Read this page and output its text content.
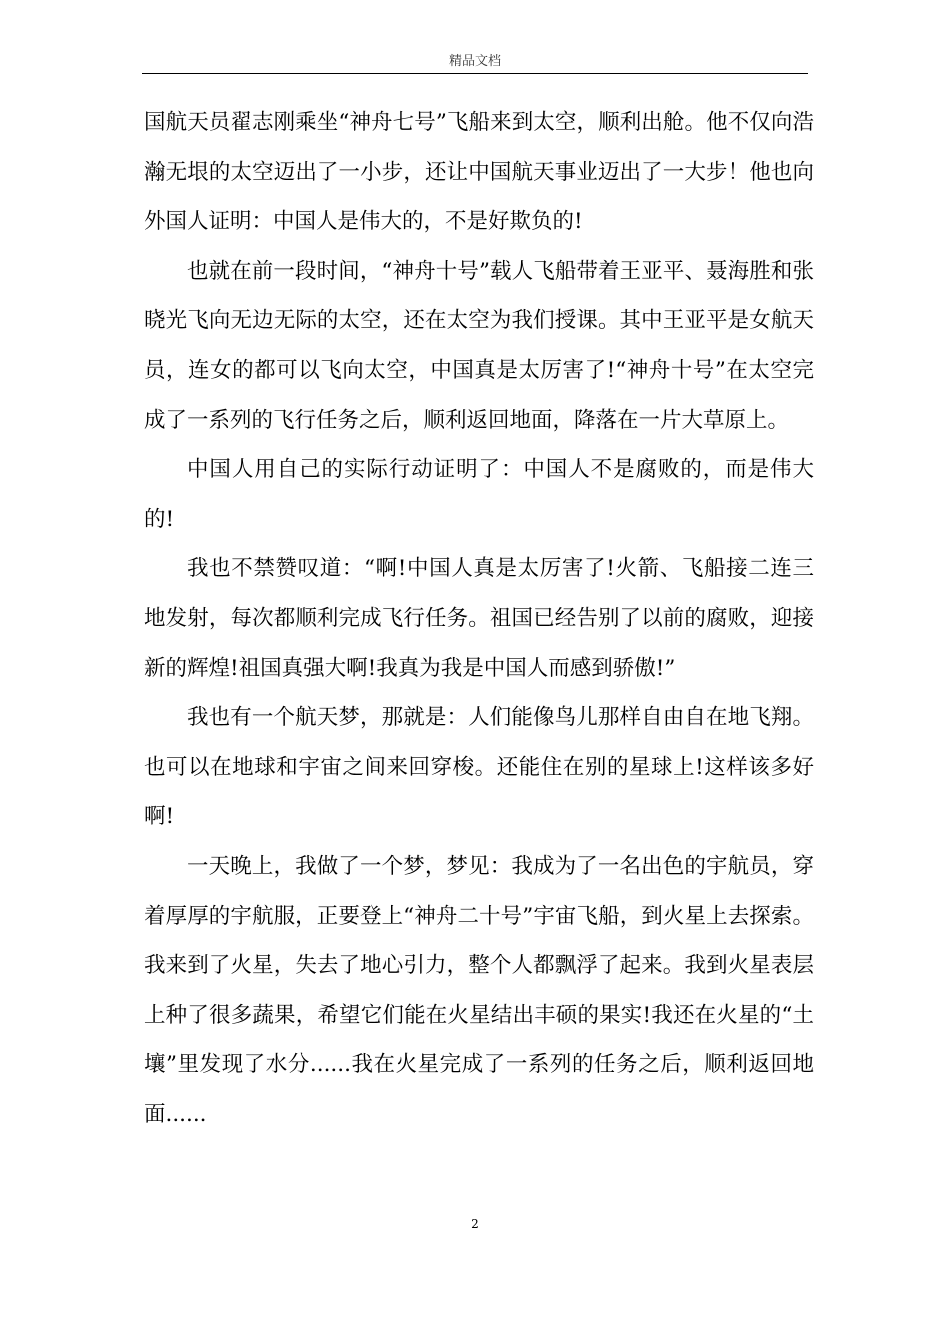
精品文档

国航天员翟志刚乘坐“神舟七号”飞船来到太空，顺利出舱。他不仅向浩瀚无垠的太空迈出了一小步，还让中国航天事业迈出了一大步！他也向外国人证明：中国人是伟大的，不是好欺负的!

也就在前一段时间，“神舟十号”载人飞船带着王亚平、聂海胜和张晓光飞向无边无际的太空，还在太空为我们授课。其中王亚平是女航天员，连女的都可以飞向太空，中国真是太厉害了!“神舟十号”在太空完成了一系列的飞行任务之后，顺利返回地面，降落在一片大草原上。

中国人用自己的实际行动证明了：中国人不是腐败的，而是伟大的!

我也不禁赞叹道：“啊!中国人真是太厉害了!火箭、飞船接二连三地发射，每次都顺利完成飞行任务。祖国已经告别了以前的腐败，迎接新的辉煌!祖国真强大啊!我真为我是中国人而感到骄傲!”

我也有一个航天梦，那就是：人们能像鸟儿那样自由自在地飞翔。也可以在地球和宇宙之间来回穿梭。还能住在别的星球上!这样该多好啊!

一天晚上，我做了一个梦，梦见：我成为了一名出色的宇航员，穿着厚厚的宇航服，正要登上“神舟二十号”宇宙飞船，到火星上去探索。我来到了火星，失去了地心引力，整个人都飘浮了起来。我到火星表层上种了很多蔬果，希望它们能在火星结出丰硕的果实!我还在火星的“土壤”里发现了水分......我在火星完成了一系列的任务之后，顺利返回地面......

2
